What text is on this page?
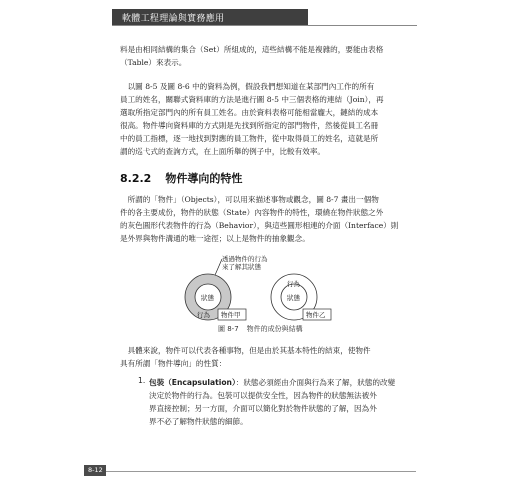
軟體工程理論與實務應用
料是由相同結構的集合（Set）所組成的，這些結構不能是複雜的，要能由表格
（Table）來表示。
　以圖 8-5 及圖 8-6 中的資料為例，假設我們想知道在某部門內工作的所有
員工的姓名，關聯式資料庫的方法是進行圖 8-5 中三個表格的連結（Join），再
選取所指定部門內的所有員工姓名。由於資料表格可能相當龐大，鏈結的成本
很高。物件導向資料庫的方式則是先找到所指定的部門物件，然後從員工名冊
中的員工指標，逐一地找到對應的員工物件，從中取得員工的姓名，這就是所
謂的巡弋式的查詢方式，在上面所舉的例子中，比較有效率。
8.2.2 物件導向的特性
　所謂的「物件」（Objects），可以用來描述事物或觀念，圖 8-7 畫出一個物
件的各主要成份，物件的狀態（State）內容物件的特性，環繞在物件狀態之外
的灰色圓形代表物件的行為（Behavior），與這些圓形相連的介面（Interface）則
是外界與物件溝通的唯一途徑；以上是物件的抽象觀念。
透過物件的行為
來了解其狀態
狀態
行為 物件甲
行為
狀態
物件乙
圖 8-7 物件的成份與結構
　具體來說，物件可以代表各種事物，但是由於其基本特性的結束，使物件
具有所謂「物件導向」的性質：
1. 包裝（Encapsulation）：狀態必須經由介面與行為來了解，狀態的改變
決定於物件的行為。包裝可以提供安全性，因為物件的狀態無法被外
界直接控制；另一方面，介面可以簡化對於物件狀態的了解，因為外
界不必了解物件狀態的細節。
8-12
